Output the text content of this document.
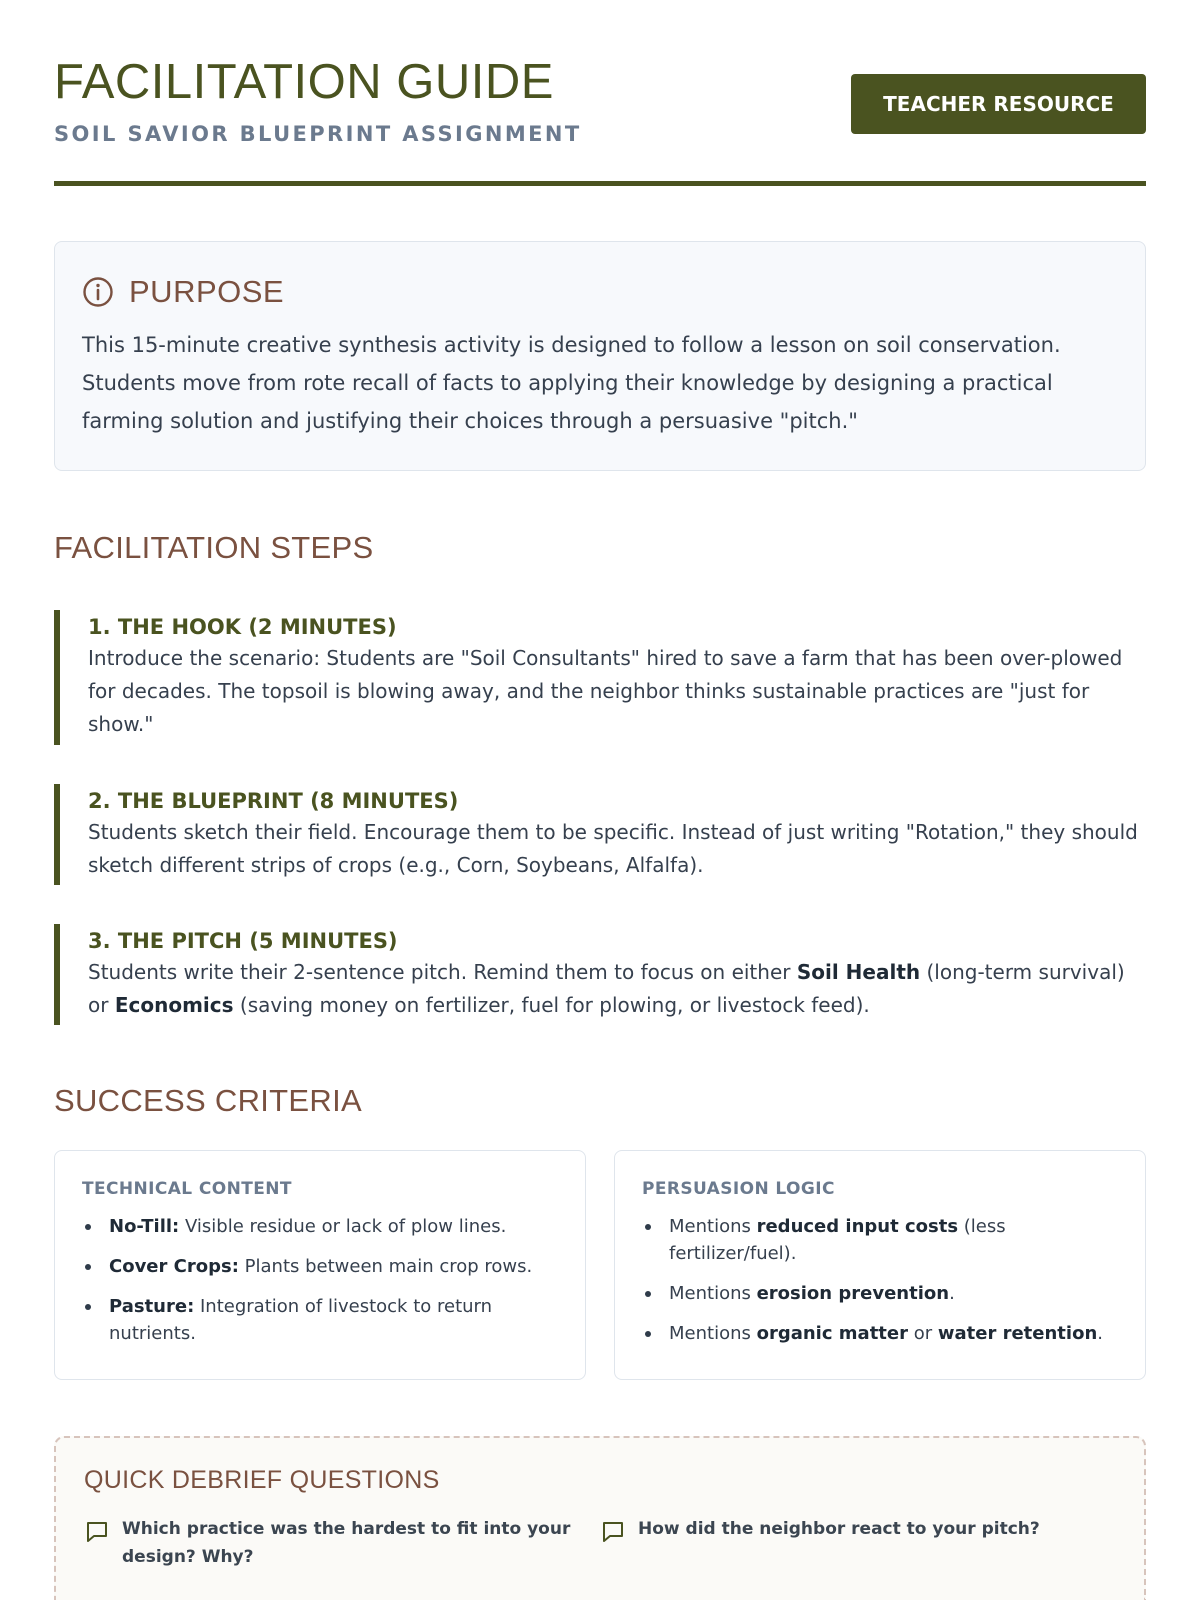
FACILITATION GUIDE
SOIL SAVIOR BLUEPRINT ASSIGNMENT
TEACHER RESOURCE
PURPOSE

This 15-minute creative synthesis activity is designed to follow a lesson on soil conservation. Students move from rote recall of facts to applying their knowledge by designing a practical farming solution and justifying their choices through a persuasive "pitch."

FACILITATION STEPS
1. THE HOOK (2 MINUTES)
Introduce the scenario: Students are "Soil Consultants" hired to save a farm that has been over-plowed for decades. The topsoil is blowing away, and the neighbor thinks sustainable practices are "just for show."
2. THE BLUEPRINT (8 MINUTES)
Students sketch their field. Encourage them to be specific. Instead of just writing "Rotation," they should sketch different strips of crops (e.g., Corn, Soybeans, Alfalfa).
3. THE PITCH (5 MINUTES)
Students write their 2-sentence pitch. Remind them to focus on either Soil Health (long-term survival) or Economics (saving money on fertilizer, fuel for plowing, or livestock feed).
SUCCESS CRITERIA
TECHNICAL CONTENT
No-Till: Visible residue or lack of plow lines.
Cover Crops: Plants between main crop rows.
Pasture: Integration of livestock to return nutrients.
PERSUASION LOGIC
Mentions reduced input costs (less fertilizer/fuel).
Mentions erosion prevention.
Mentions organic matter or water retention.
QUICK DEBRIEF QUESTIONS
Which practice was the hardest to fit into your design? Why?
How did the neighbor react to your pitch?
